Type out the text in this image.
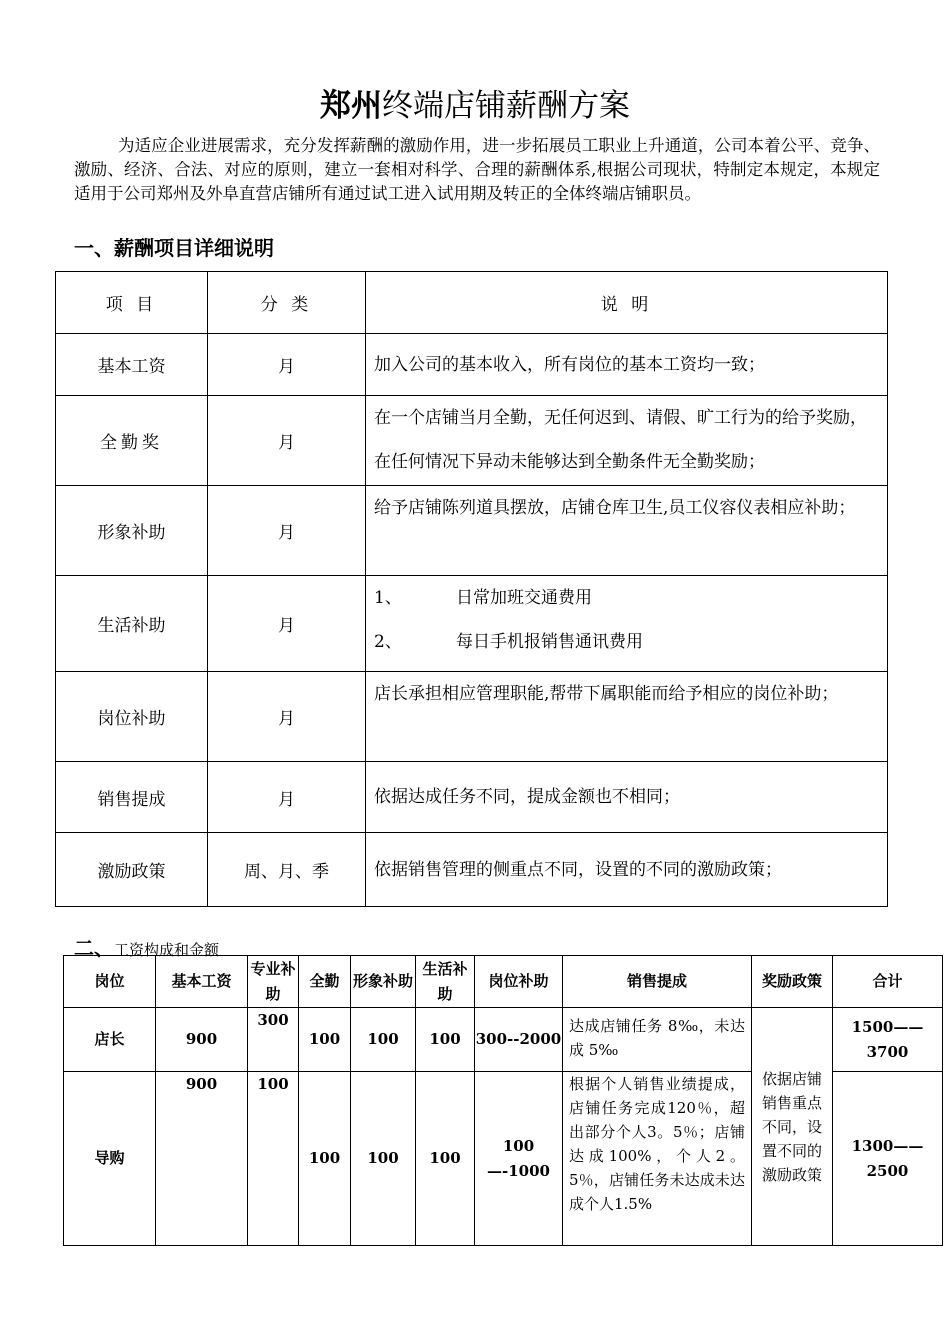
郑州终端店铺薪酬方案

为适应企业进展需求，充分发挥薪酬的激励作用，进一步拓展员工职业上升通道，公司本着公平、竞争、激励、经济、合法、对应的原则，建立一套相对科学、合理的薪酬体系,根据公司现状，特制定本规定，本规定适用于公司郑州及外阜直营店铺所有通过试工进入试用期及转正的全体终端店铺职员。

一、薪酬项目详细说明
项 目	分 类	说 明
基本工资	月	加入公司的基本收入，所有岗位的基本工资均一致；
全勤奖	月	在一个店铺当月全勤，无任何迟到、请假、旷工行为的给予奖励，在任何情况下异动未能够达到全勤条件无全勤奖励；
形象补助	月	给予店铺陈列道具摆放，店铺仓库卫生,员工仪容仪表相应补助；
生活补助	月	1、 日常加班交通费用
2、 每日手机报销售通讯费用

岗位补助	月	店长承担相应管理职能,帮带下属职能而给予相应的岗位补助；
销售提成	月	依据达成任务不同，提成金额也不相同；
激励政策	周、月、季	依据销售管理的侧重点不同，设置的不同的激励政策；
二、工资构成和金额
岗位	基本工资	专业补助	全勤	形象补助	生活补助	岗位补助	销售提成	奖励政策	合计
店长	900	300	100	100	100	300--2000	达成店铺任务 8‰，未达成 5‰	依据店铺销售重点不同，设置不同的激励政策	1500——3700
导购	900	100	100	100	100	100—-1000	根据个人销售业绩提成，店铺任务完成120％，超出部分个人3。5％；店铺达成100%，个人2。5％，店铺任务未达成未达成个人1.5%		1300——2500
